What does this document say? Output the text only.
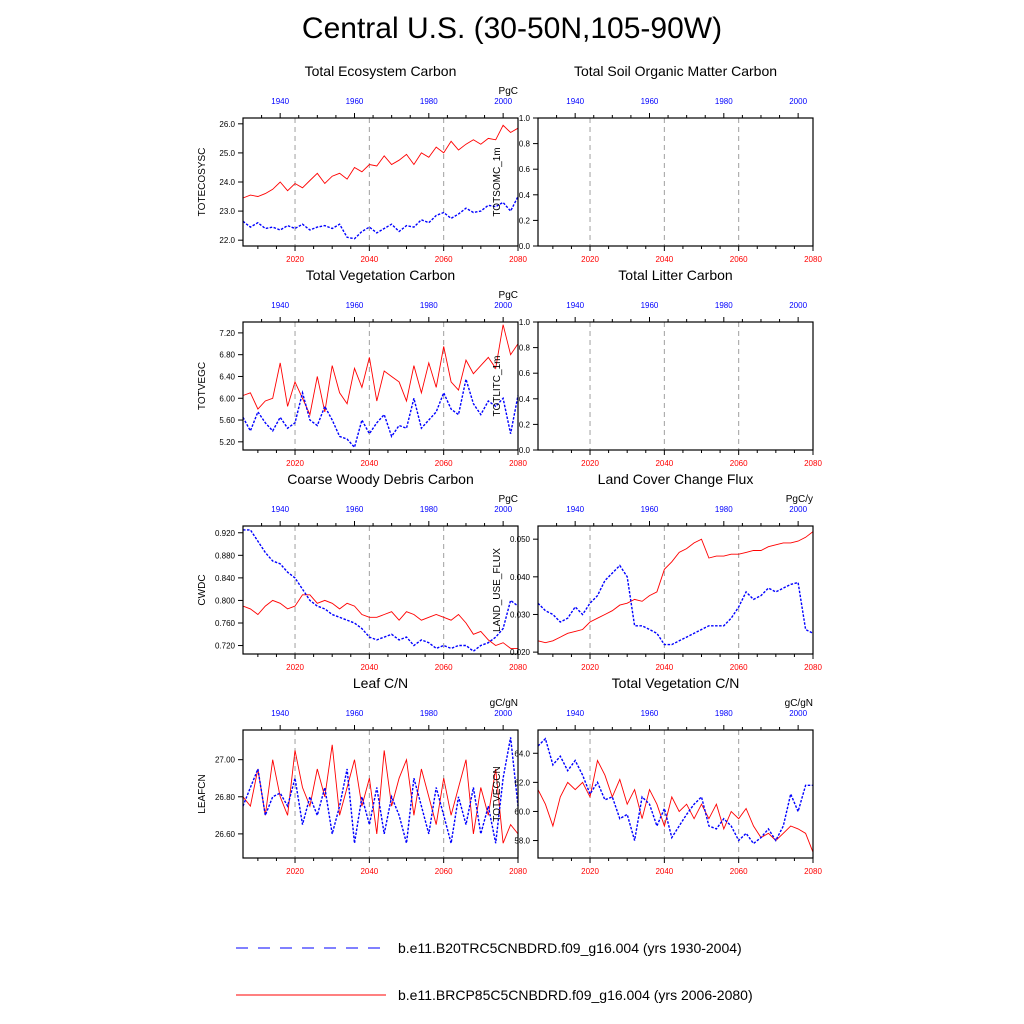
Central U.S. (30-50N,105-90W)
Total Ecosystem Carbon
PgC
22.0
23.0
24.0
25.0
26.0
TOTECOSYSC
2020	2040	2060	2080
1940	1960	1980	2000
Total Soil Organic Matter Carbon
0.0
0.2
0.4
0.6
0.8
1.0
TOTSOMC_1m
2020	2040	2060	2080
1940	1960	1980	2000
Total Vegetation Carbon
PgC
5.20
5.60
6.00
6.40
6.80
7.20
TOTVEGC
2020	2040	2060	2080
1940	1960	1980	2000
Total Litter Carbon
0.0
0.2
0.4
0.6
0.8
1.0
TOTLITC_1m
2020	2040	2060	2080
1940	1960	1980	2000
Coarse Woody Debris Carbon
PgC
0.720
0.760
0.800
0.840
0.880
0.920
CWDC
2020	2040	2060	2080
1940	1960	1980	2000
Land Cover Change Flux
PgC/y
0.020
0.030
0.040
0.050
LAND_USE_FLUX
2020	2040	2060	2080
1940	1960	1980	2000
Leaf C/N
gC/gN
26.60
26.80
27.00
LEAFCN
2020	2040	2060	2080
1940	1960	1980	2000
Total Vegetation C/N
gC/gN
58.0
60.0
62.0
64.0
TOTVEGCN
2020	2040	2060	2080
1940	1960	1980	2000
b.e11.B20TRC5CNBDRD.f09_g16.004 (yrs 1930-2004)
b.e11.BRCP85C5CNBDRD.f09_g16.004 (yrs 2006-2080)
